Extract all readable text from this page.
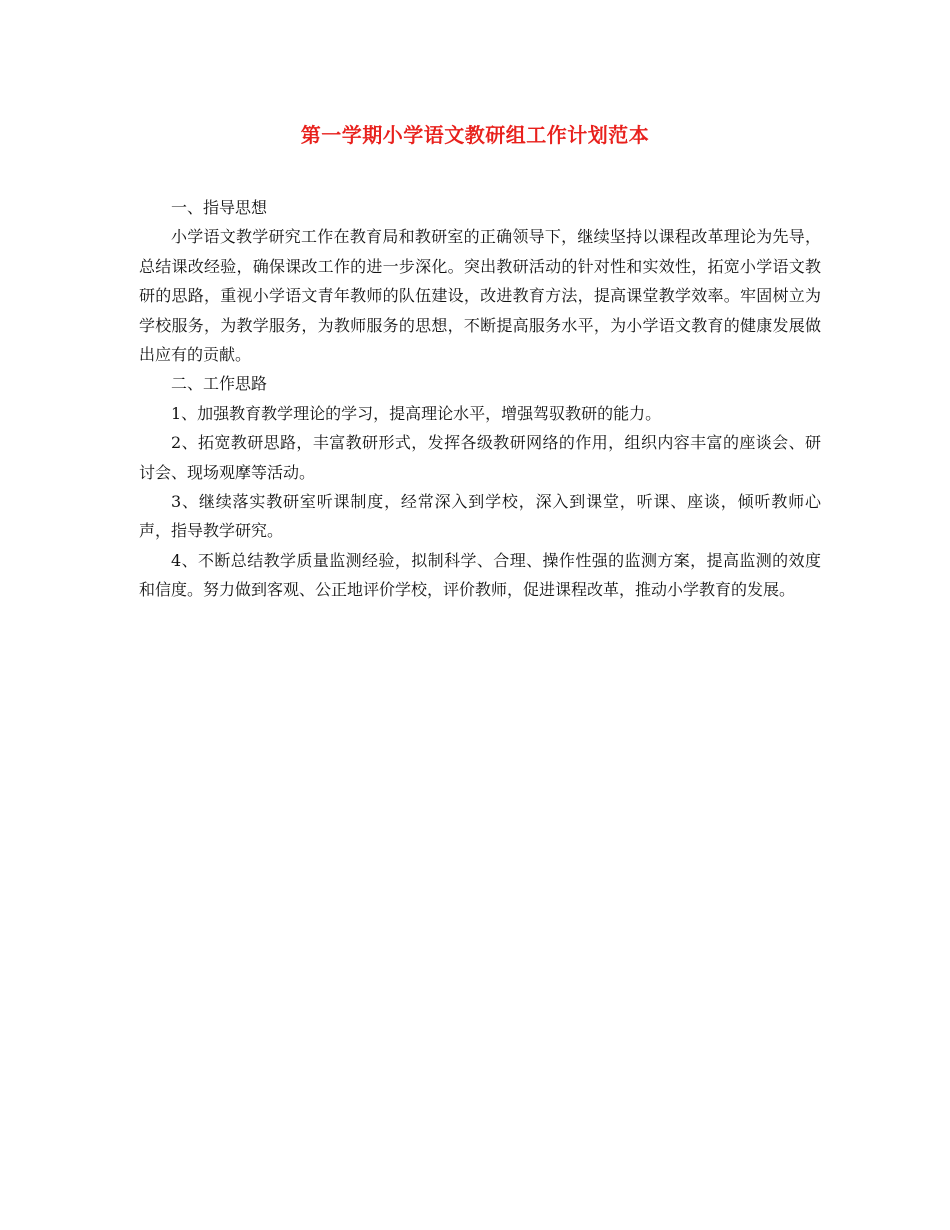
第一学期小学语文教研组工作计划范本

一、指导思想

小学语文教学研究工作在教育局和教研室的正确领导下，继续坚持以课程改革理论为先导，总结课改经验，确保课改工作的进一步深化。突出教研活动的针对性和实效性，拓宽小学语文教研的思路，重视小学语文青年教师的队伍建设，改进教育方法，提高课堂教学效率。牢固树立为学校服务，为教学服务，为教师服务的思想，不断提高服务水平，为小学语文教育的健康发展做出应有的贡献。

二、工作思路

1、加强教育教学理论的学习，提高理论水平，增强驾驭教研的能力。

2、拓宽教研思路，丰富教研形式，发挥各级教研网络的作用，组织内容丰富的座谈会、研讨会、现场观摩等活动。

3、继续落实教研室听课制度，经常深入到学校，深入到课堂，听课、座谈，倾听教师心声，指导教学研究。

4、不断总结教学质量监测经验，拟制科学、合理、操作性强的监测方案，提高监测的效度和信度。努力做到客观、公正地评价学校，评价教师，促进课程改革，推动小学教育的发展。
